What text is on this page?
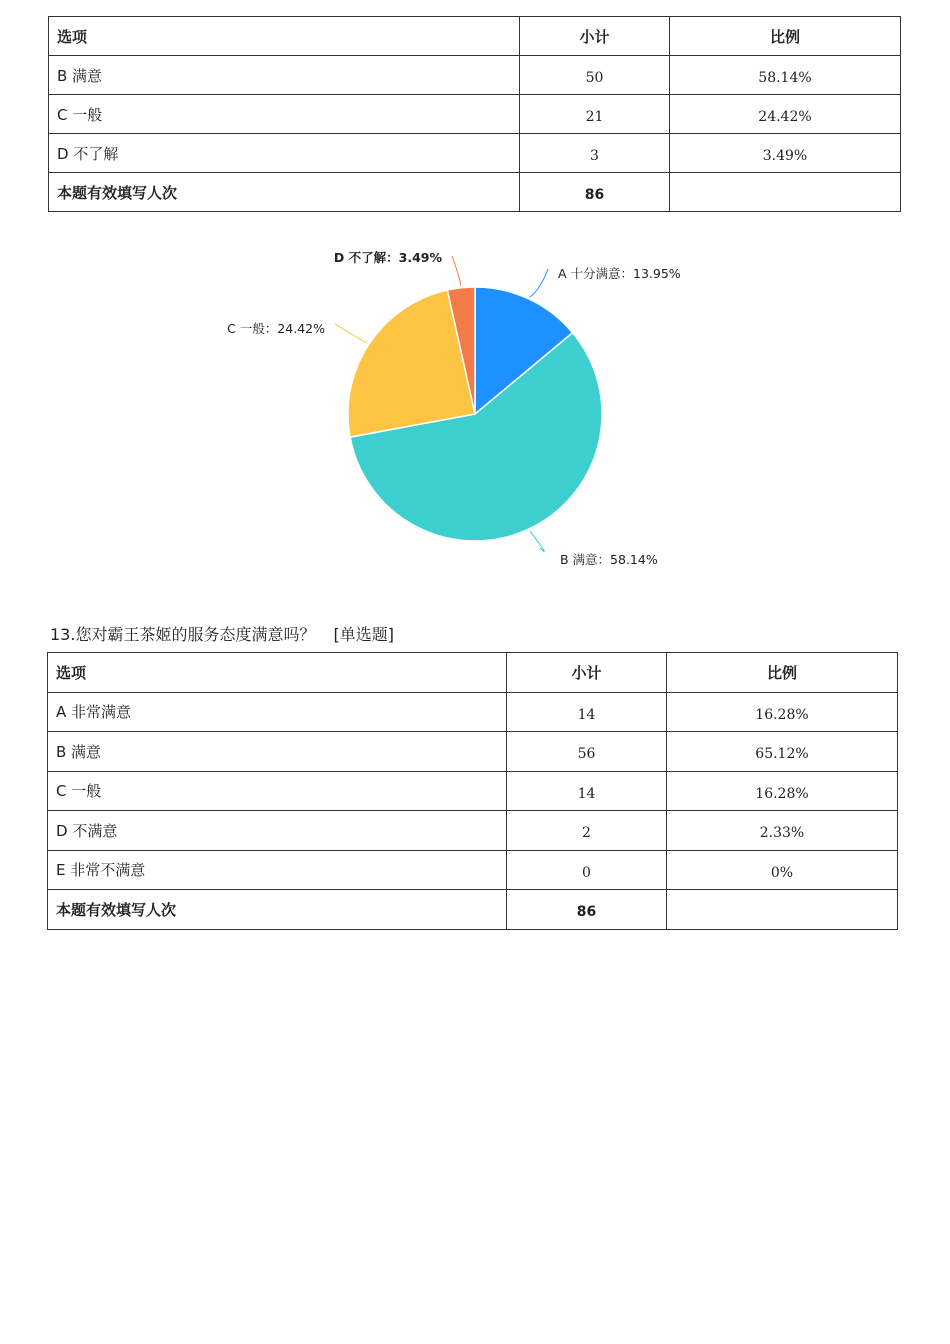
选项	小计	比例
B 满意	50	58.14%
C 一般	21	24.42%
D 不了解	3	3.49%
本题有效填写人次	86	
A 十分满意：13.95%
B 满意：58.14%
C 一般：24.42%
D 不了解：3.49%
13.您对霸王茶姬的服务态度满意吗？ [单选题]
选项	小计	比例
A 非常满意	14	16.28%
B 满意	56	65.12%
C 一般	14	16.28%
D 不满意	2	2.33%
E 非常不满意	0	0%
本题有效填写人次	86	
